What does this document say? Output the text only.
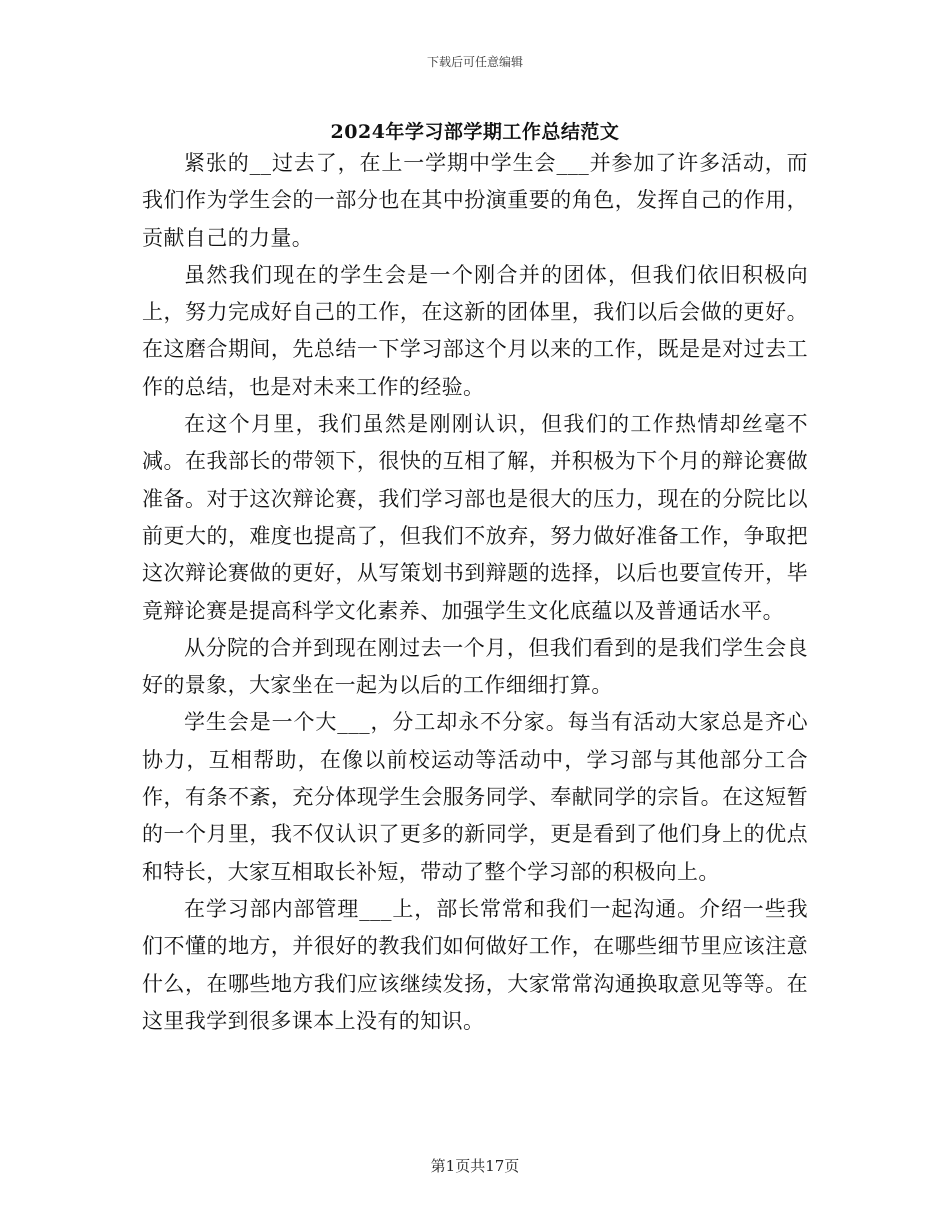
下载后可任意编辑
2024年学习部学期工作总结范文

紧张的__过去了，在上一学期中学生会___并参加了许多活动，而我们作为学生会的一部分也在其中扮演重要的角色，发挥自己的作用，贡献自己的力量。

虽然我们现在的学生会是一个刚合并的团体，但我们依旧积极向上，努力完成好自己的工作，在这新的团体里，我们以后会做的更好。在这磨合期间，先总结一下学习部这个月以来的工作，既是是对过去工作的总结，也是对未来工作的经验。

在这个月里，我们虽然是刚刚认识，但我们的工作热情却丝毫不减。在我部长的带领下，很快的互相了解，并积极为下个月的辩论赛做准备。对于这次辩论赛，我们学习部也是很大的压力，现在的分院比以前更大的，难度也提高了，但我们不放弃，努力做好准备工作，争取把这次辩论赛做的更好，从写策划书到辩题的选择，以后也要宣传开，毕竟辩论赛是提高科学文化素养、加强学生文化底蕴以及普通话水平。

从分院的合并到现在刚过去一个月，但我们看到的是我们学生会良好的景象，大家坐在一起为以后的工作细细打算。

学生会是一个大___，分工却永不分家。每当有活动大家总是齐心协力，互相帮助，在像以前校运动等活动中，学习部与其他部分工合作，有条不紊，充分体现学生会服务同学、奉献同学的宗旨。在这短暂的一个月里，我不仅认识了更多的新同学，更是看到了他们身上的优点和特长，大家互相取长补短，带动了整个学习部的积极向上。

在学习部内部管理___上，部长常常和我们一起沟通。介绍一些我们不懂的地方，并很好的教我们如何做好工作，在哪些细节里应该注意什么，在哪些地方我们应该继续发扬，大家常常沟通换取意见等等。在这里我学到很多课本上没有的知识。

第1页共17页
